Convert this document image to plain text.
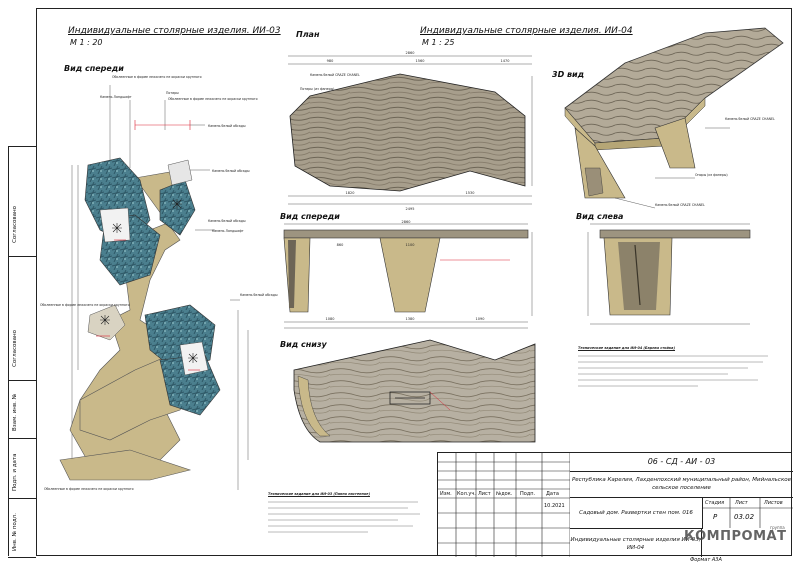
Согласовано
Согласовано
Взам. инв. №
Подп. и дата
Инв. № подл.
Индивидуальные столярные изделия. ИИ-03
М 1 : 20
Вид спереди
Обклеенные в форме лежачего не окраски крупного
Камень Ландшафт
Потиры
Обклеенные в форме лежачего не окраски крупного
Камень белый обсады
Камень Ландшафт
Камень белый обсады
Камень белый обсады
Камень белый обсады
Обклеенные в форме лежачего не окраски крупного
Обклеенные в форме лежачего не окраски крупного
Технические задание для ИИ-03 (Панно настенное)
План	Индивидуальные столярные изделия. ИИ-04
М 1 : 25
3D вид
Вид спереди	Вид слева
Вид снизу
2860
980	1560	1470
1820	1530
2495
Камень белый CRAZE CHANEL
Потиры (из фанеры)
Камень белый CRAZE CHANEL
Опоры (из фанеры)
Камень белый CRAZE CHANEL
2860
860	1100
1080	1380	1090
Технические задание для ИИ-04 (Барная стойка)
Изм. Кол.уч. Лист №док. Подп. Дата
10.2021
06 - СД - АИ - 03
Республика Карелия, Лахденпохский муниципальный район, Мийнальское сельское поселение
Садовый дом. Развертки стен пом. 016
Индивидуальные столярные изделия ИИ-03, ИИ-04
Стадия Лист	Листов
Р 03.02
группа
КОМПРОМАТ
Формат А3А
